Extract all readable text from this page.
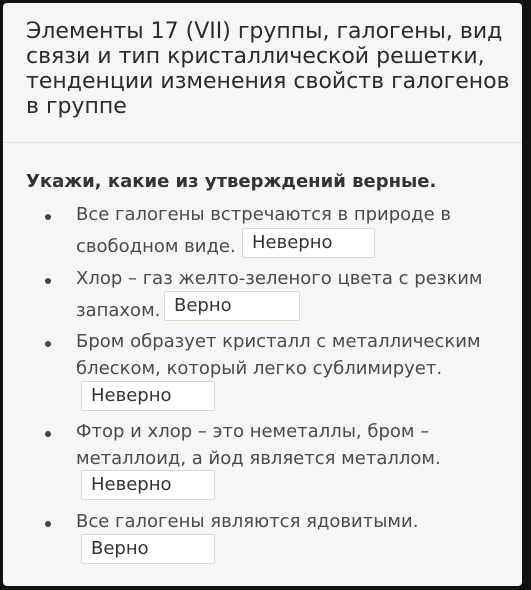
Элементы 17 (VII) группы, галогены, вид связи и тип кристаллической решетки, тенденции изменения свойств галогенов в группе
Укажи, какие из утверждений верные.
Все галогены встречаются в природе в
свободном виде. Неверно
Хлор – газ желто-зеленого цвета с резким
запахом. Верно
Бром образует кристалл с металлическим
блеском, который легко сублимирует.
Неверно
Фтор и хлор – это неметаллы, бром –
металлоид, а йод является металлом.
Неверно
Все галогены являются ядовитыми.
Верно
